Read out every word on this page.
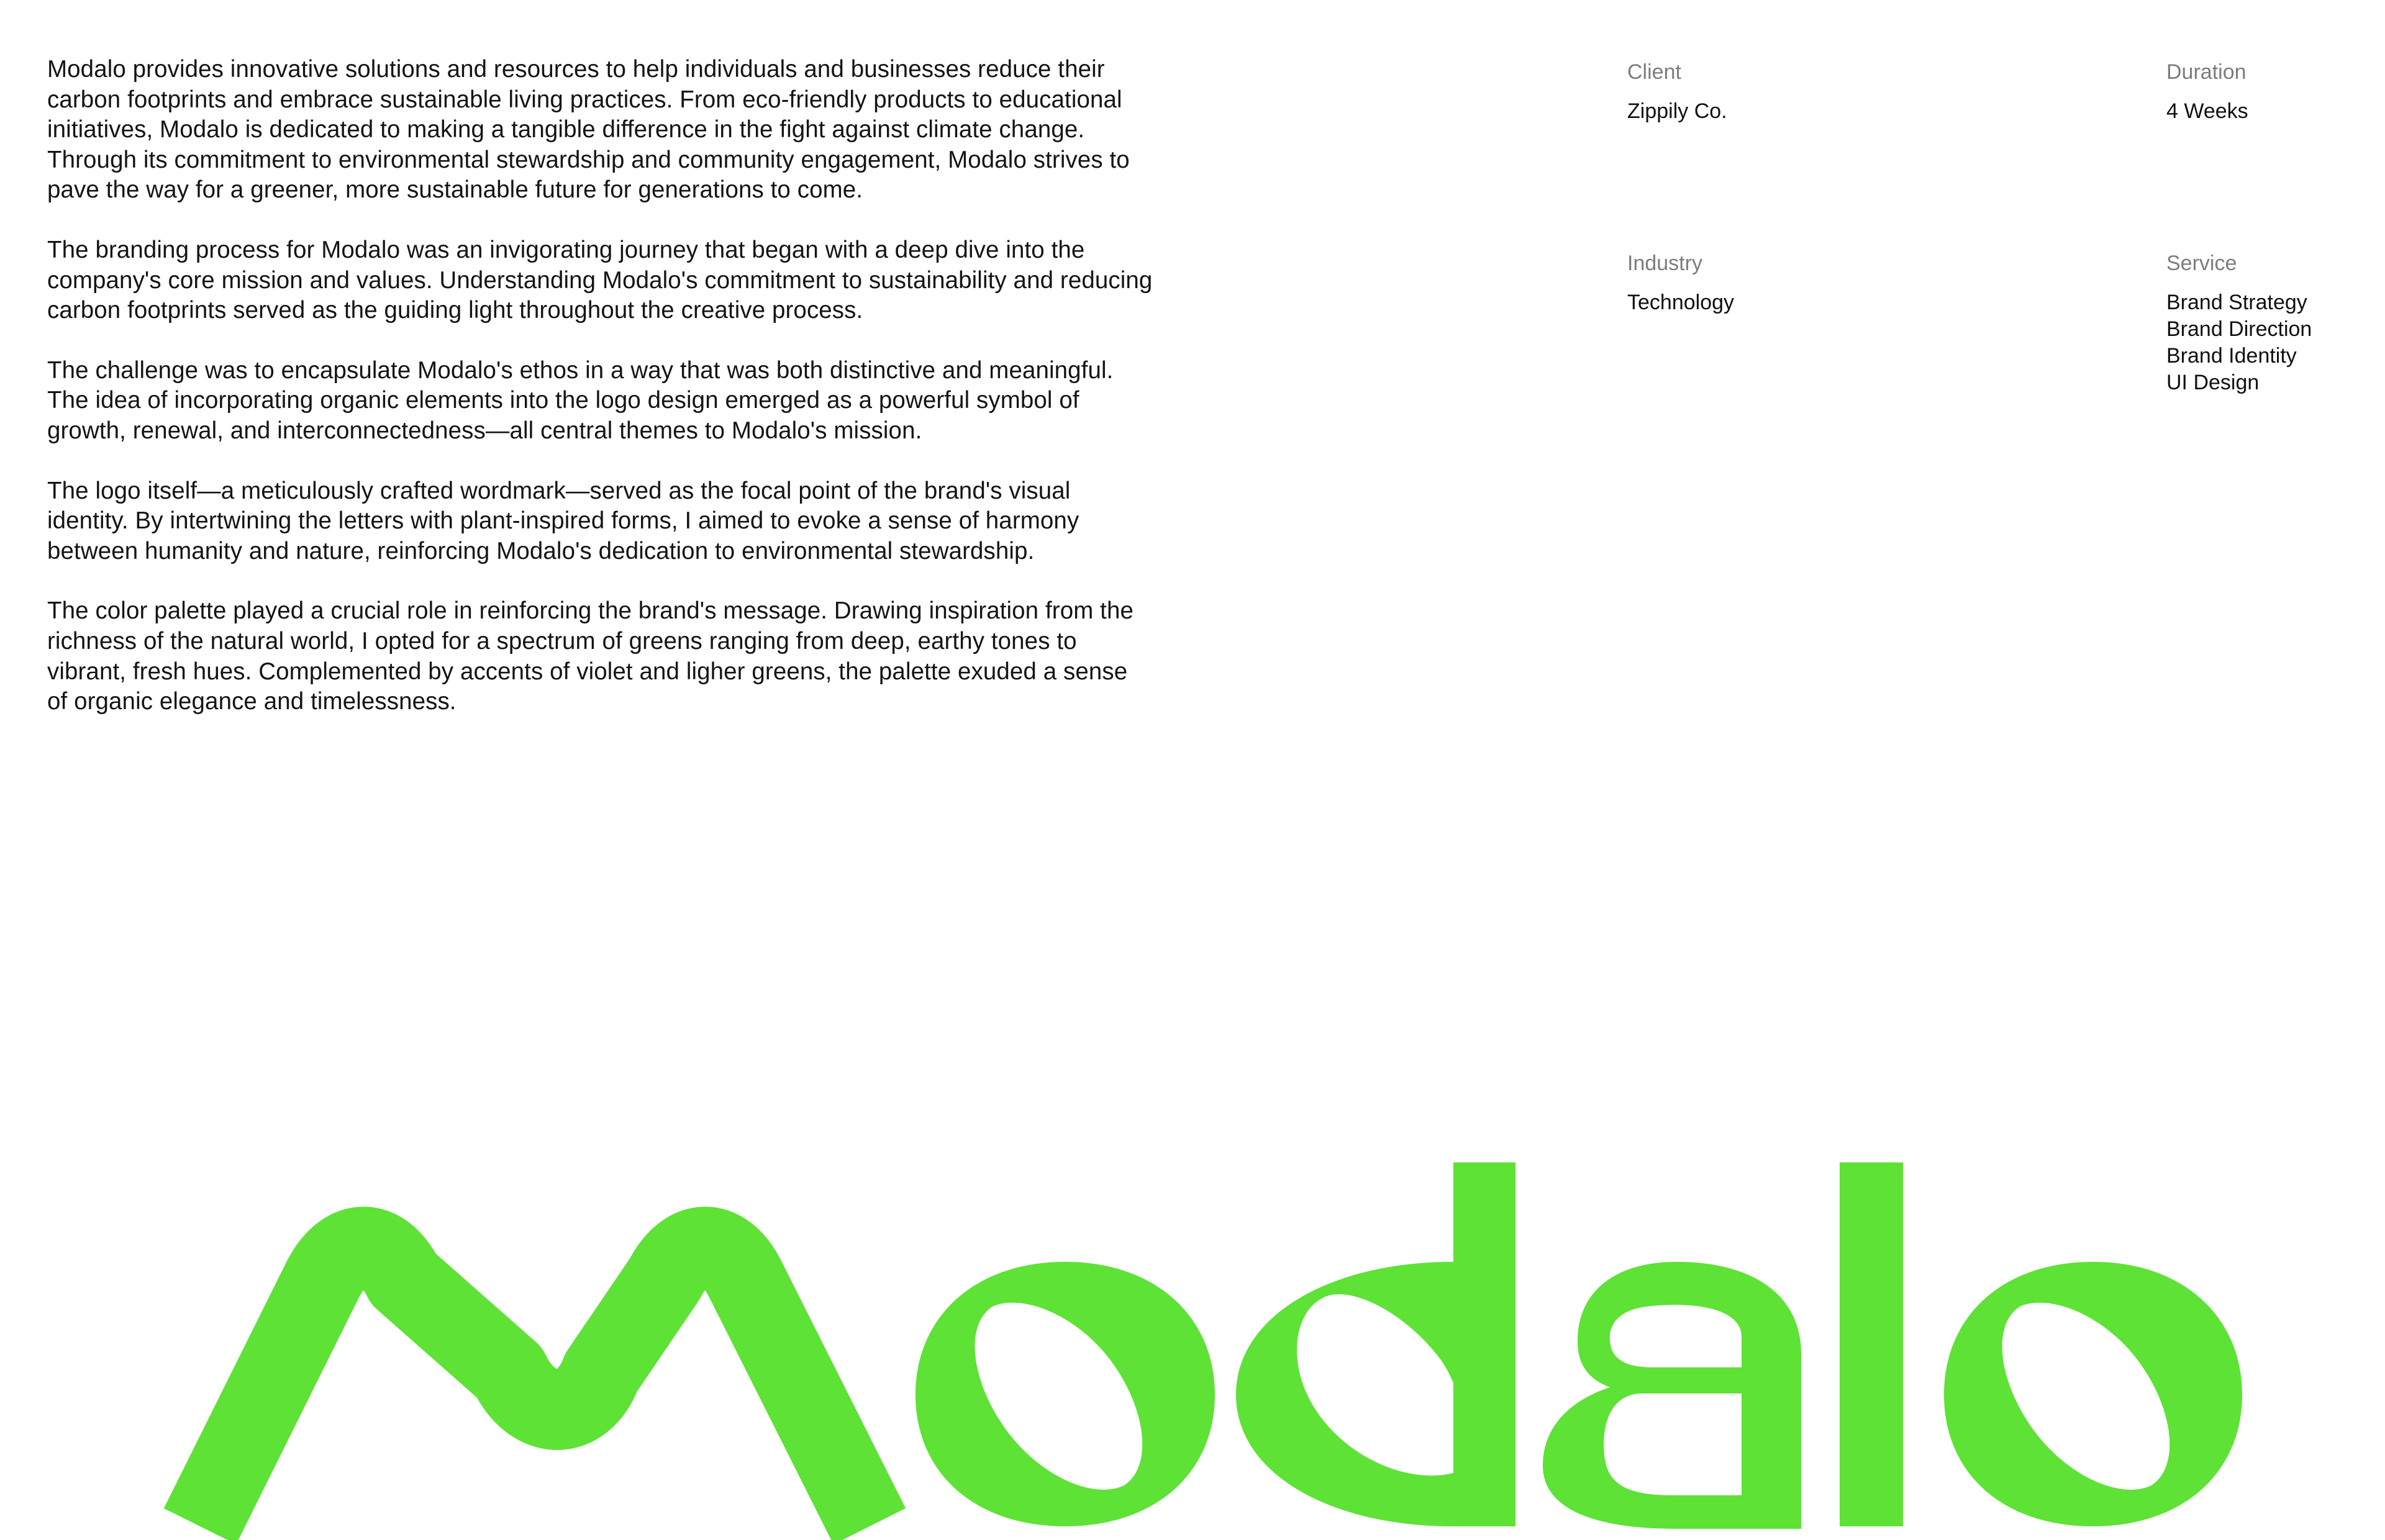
Modalo provides innovative solutions and resources to help individuals and businesses reduce their carbon footprints and embrace sustainable living practices. From eco-friendly products to educational initiatives, Modalo is dedicated to making a tangible difference in the fight against climate change. Through its commitment to environmental stewardship and community engagement, Modalo strives to pave the way for a greener, more sustainable future for generations to come.

The branding process for Modalo was an invigorating journey that began with a deep dive into the company's core mission and values. Understanding Modalo's commitment to sustainability and reducing carbon footprints served as the guiding light throughout the creative process.

The challenge was to encapsulate Modalo's ethos in a way that was both distinctive and meaningful. The idea of incorporating organic elements into the logo design emerged as a powerful symbol of growth, renewal, and interconnectedness—all central themes to Modalo's mission.

The logo itself—a meticulously crafted wordmark—served as the focal point of the brand's visual identity. By intertwining the letters with plant-inspired forms, I aimed to evoke a sense of harmony between humanity and nature, reinforcing Modalo's dedication to environmental stewardship.

The color palette played a crucial role in reinforcing the brand's message. Drawing inspiration from the richness of the natural world, I opted for a spectrum of greens ranging from deep, earthy tones to vibrant, fresh hues. Complemented by accents of violet and ligher greens, the palette exuded a sense of organic elegance and timelessness.

Client
Zippily Co.
Duration
4 Weeks
Industry
Technology
Service
Brand Strategy
Brand Direction
Brand Identity
UI Design
